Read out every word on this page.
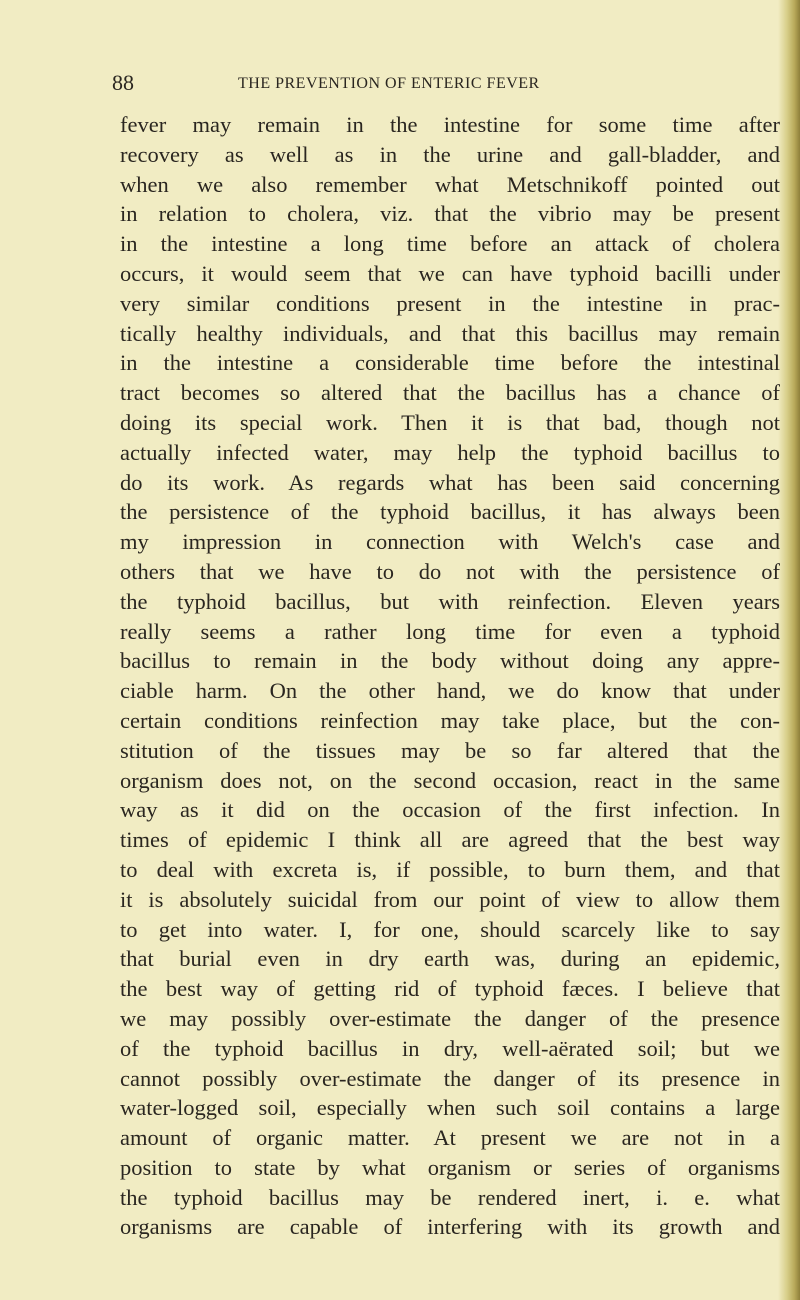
88	THE PREVENTION OF ENTERIC FEVER
fever may remain in the intestine for some time after
recovery as well as in the urine and gall-bladder, and
when we also remember what Metschnikoff pointed out
in relation to cholera, viz. that the vibrio may be present
in the intestine a long time before an attack of cholera
occurs, it would seem that we can have typhoid bacilli under
very similar conditions present in the intestine in prac-
tically healthy individuals, and that this bacillus may remain
in the intestine a considerable time before the intestinal
tract becomes so altered that the bacillus has a chance of
doing its special work. Then it is that bad, though not
actually infected water, may help the typhoid bacillus to
do its work. As regards what has been said concerning
the persistence of the typhoid bacillus, it has always been
my impression in connection with Welch's case and
others that we have to do not with the persistence of
the typhoid bacillus, but with reinfection. Eleven years
really seems a rather long time for even a typhoid
bacillus to remain in the body without doing any appre-
ciable harm. On the other hand, we do know that under
certain conditions reinfection may take place, but the con-
stitution of the tissues may be so far altered that the
organism does not, on the second occasion, react in the same
way as it did on the occasion of the first infection. In
times of epidemic I think all are agreed that the best way
to deal with excreta is, if possible, to burn them, and that
it is absolutely suicidal from our point of view to allow them
to get into water. I, for one, should scarcely like to say
that burial even in dry earth was, during an epidemic,
the best way of getting rid of typhoid fæces. I believe that
we may possibly over-estimate the danger of the presence
of the typhoid bacillus in dry, well-aërated soil; but we
cannot possibly over-estimate the danger of its presence in
water-logged soil, especially when such soil contains a large
amount of organic matter. At present we are not in a
position to state by what organism or series of organisms
the typhoid bacillus may be rendered inert, i. e. what
organisms are capable of interfering with its growth and
